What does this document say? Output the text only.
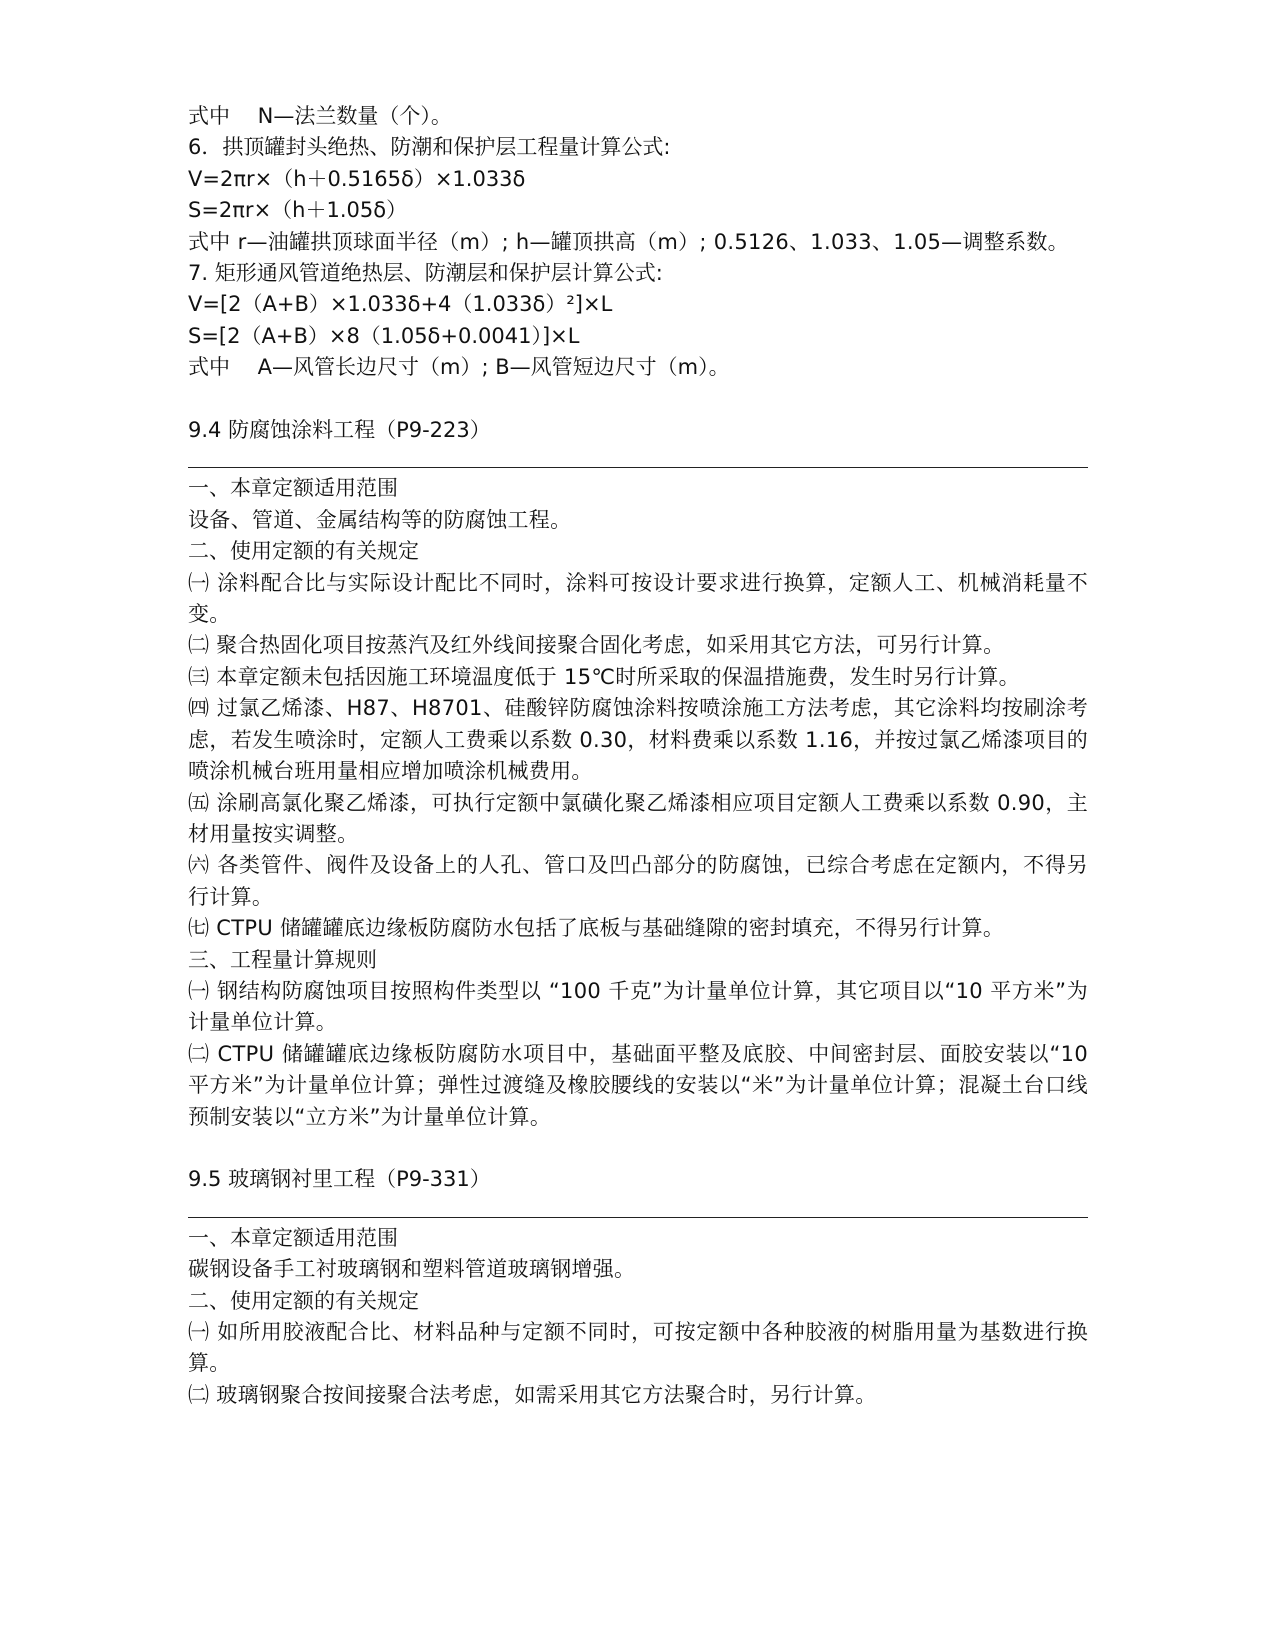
式中　 N—法兰数量（个）。

6．拱顶罐封头绝热、防潮和保护层工程量计算公式:

V=2πr×（h＋0.5165δ）×1.033δ

S=2πr×（h＋1.05δ）

式中 r—油罐拱顶球面半径（m）; h—罐顶拱高（m）; 0.5126、1.033、1.05—调整系数。

7. 矩形通风管道绝热层、防潮层和保护层计算公式:

V=[2（A+B）×1.033δ+4（1.033δ）²]×L

S=[2（A+B）×8（1.05δ+0.0041）]×L

式中　 A—风管长边尺寸（m）; B—风管短边尺寸（m）。

9.4 防腐蚀涂料工程（P9-223）

一、本章定额适用范围

设备、管道、金属结构等的防腐蚀工程。

二、使用定额的有关规定

㈠ 涂料配合比与实际设计配比不同时，涂料可按设计要求进行换算，定额人工、机械消耗量不变。

㈡ 聚合热固化项目按蒸汽及红外线间接聚合固化考虑，如采用其它方法，可另行计算。

㈢ 本章定额未包括因施工环境温度低于 15℃时所采取的保温措施费，发生时另行计算。

㈣ 过氯乙烯漆、H87、H8701、硅酸锌防腐蚀涂料按喷涂施工方法考虑，其它涂料均按刷涂考虑，若发生喷涂时，定额人工费乘以系数 0.30，材料费乘以系数 1.16，并按过氯乙烯漆项目的喷涂机械台班用量相应增加喷涂机械费用。

㈤ 涂刷高氯化聚乙烯漆，可执行定额中氯磺化聚乙烯漆相应项目定额人工费乘以系数 0.90，主材用量按实调整。

㈥ 各类管件、阀件及设备上的人孔、管口及凹凸部分的防腐蚀，已综合考虑在定额内，不得另行计算。

㈦ CTPU 储罐罐底边缘板防腐防水包括了底板与基础缝隙的密封填充，不得另行计算。

三、工程量计算规则

㈠ 钢结构防腐蚀项目按照构件类型以 “100 千克”为计量单位计算，其它项目以“10 平方米”为计量单位计算。

㈡ CTPU 储罐罐底边缘板防腐防水项目中，基础面平整及底胶、中间密封层、面胶安装以“10 平方米”为计量单位计算；弹性过渡缝及橡胶腰线的安装以“米”为计量单位计算；混凝土台口线预制安装以“立方米”为计量单位计算。

9.5 玻璃钢衬里工程（P9-331）

一、本章定额适用范围

碳钢设备手工衬玻璃钢和塑料管道玻璃钢增强。

二、使用定额的有关规定

㈠ 如所用胶液配合比、材料品种与定额不同时，可按定额中各种胶液的树脂用量为基数进行换算。

㈡ 玻璃钢聚合按间接聚合法考虑，如需采用其它方法聚合时，另行计算。
